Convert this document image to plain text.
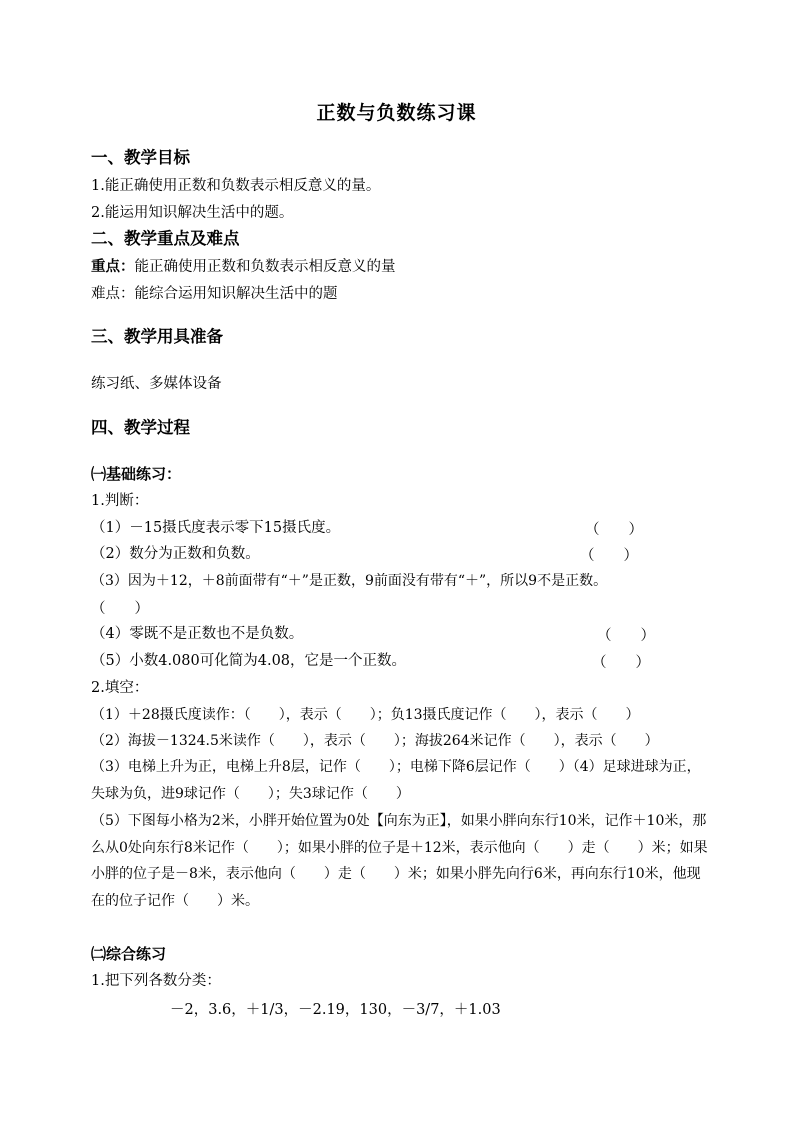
正数与负数练习课
一、教学目标
1.能正确使用正数和负数表示相反意义的量。
2.能运用知识解决生活中的题。
二、教学重点及难点
重点：能正确使用正数和负数表示相反意义的量
难点：能综合运用知识解决生活中的题
三、教学用具准备
练习纸、多媒体设备
四、教学过程
㈠基础练习：
1.判断：
（1）－15摄氏度表示零下15摄氏度。	（　　）
（2）数分为正数和负数。	（　　）
（3）因为＋12，＋8前面带有“＋”是正数，9前面没有带有“＋”，所以9不是正数。
（　　）
（4）零既不是正数也不是负数。	（　　）
（5）小数4.080可化简为4.08，它是一个正数。	（　　）
2.填空：
（1）＋28摄氏度读作：（　　），表示（　　）；负13摄氏度记作（　　），表示（　　）
（2）海拔－1324.5米读作（　　），表示（　　）；海拔264米记作（　　），表示（　　）
（3）电梯上升为正，电梯上升8层，记作（　　）；电梯下降6层记作（　　）（4）足球进球为正，失球为负，进9球记作（　　）；失3球记作（　　）
（5）下图每小格为2米，小胖开始位置为0处【向东为正】，如果小胖向东行10米，记作＋10米，那么从0处向东行8米记作（　　）；如果小胖的位子是＋12米，表示他向（　　）走（　　）米；如果小胖的位子是－8米，表示他向（　　）走（　　）米；如果小胖先向行6米，再向东行10米，他现在的位子记作（　　）米。
㈡综合练习
1.把下列各数分类：
－2，3.6，＋1/3，－2.19，130，－3/7，＋1.03
